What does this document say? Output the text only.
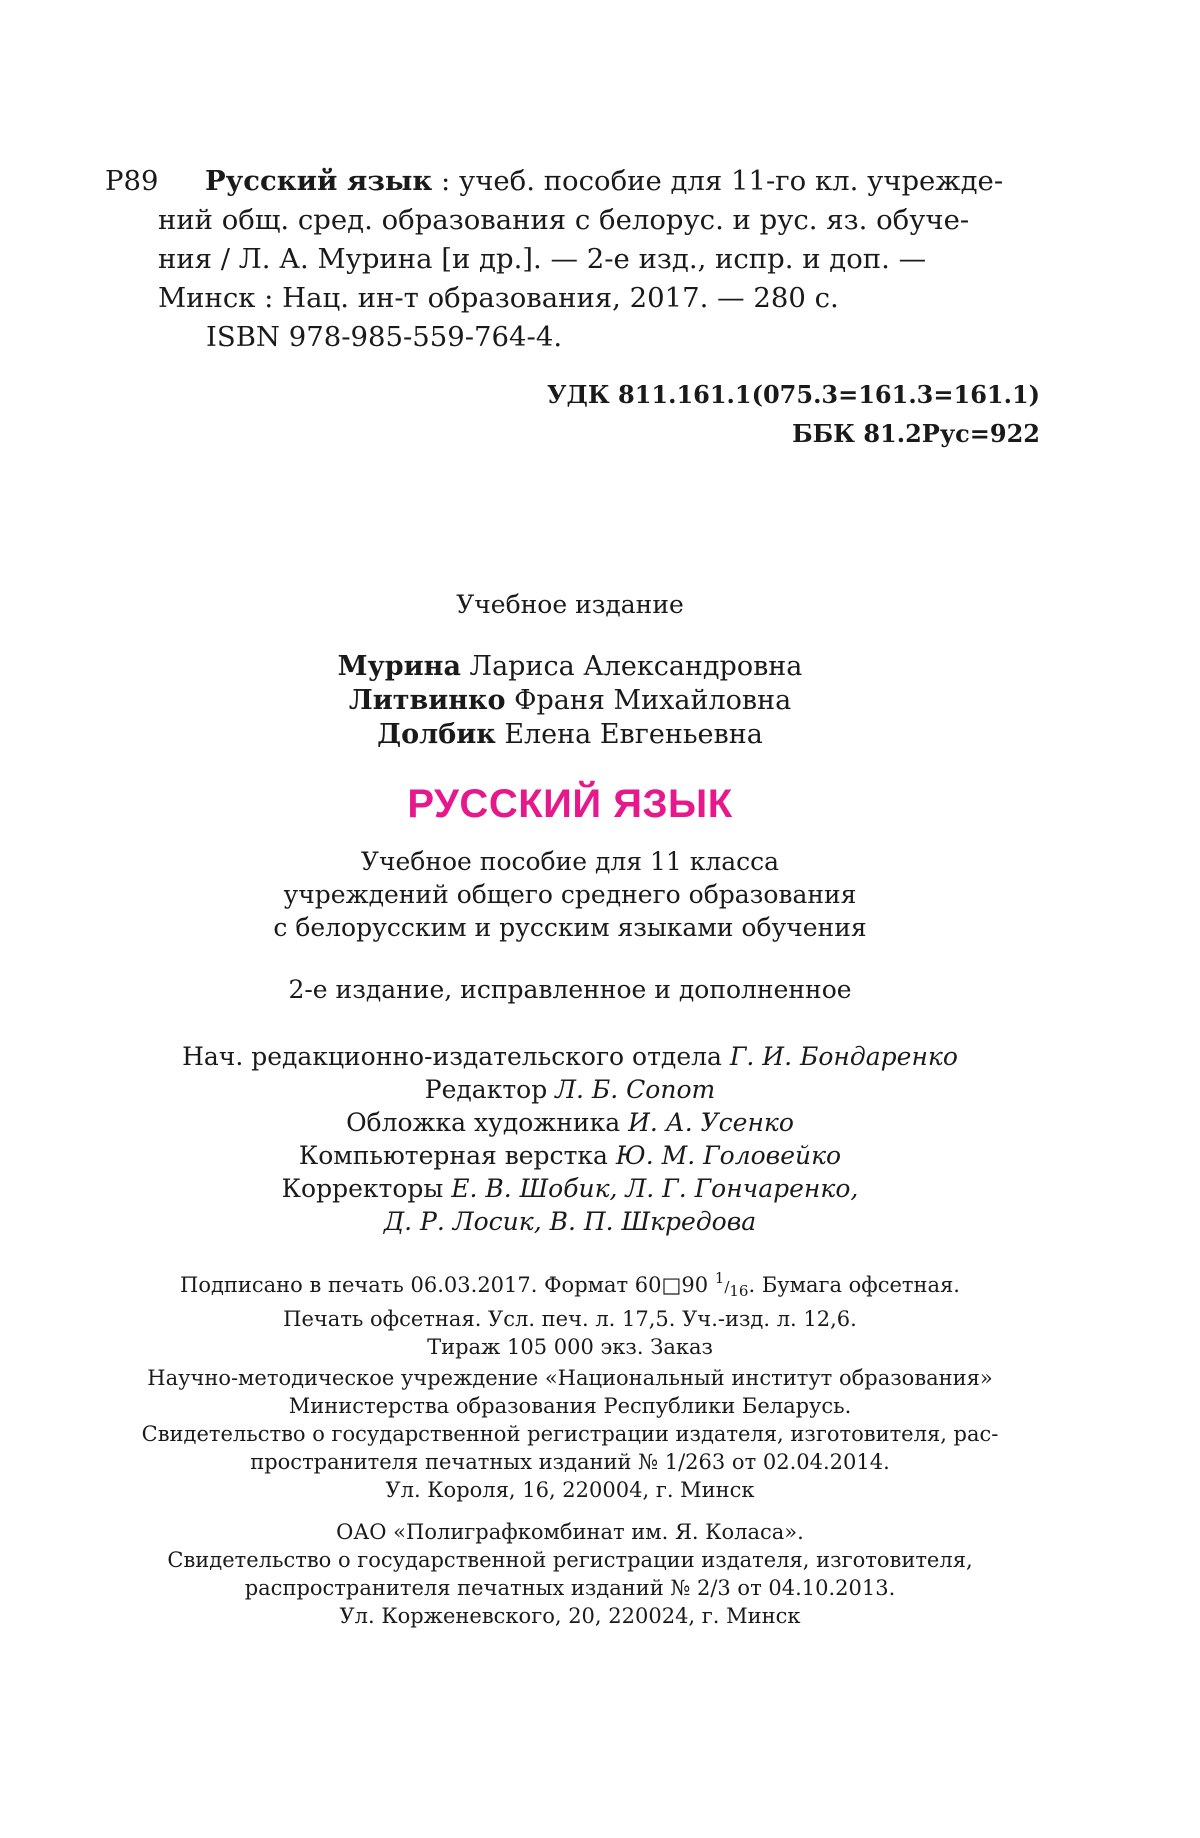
Р89	Русский язык : учеб. пособие для 11-го кл. учрежде-
ний общ. сред. образования с белорус. и рус. яз. обуче-
ния / Л. А. Мурина [и др.]. — 2-е изд., испр. и доп. —
Минск : Нац. ин-т образования, 2017. — 280 с.
ISBN 978-985-559-764-4.
УДК 811.161.1(075.3=161.3=161.1)
ББК 81.2Рус=922
Учебное издание
Мурина Лариса Александровна
Литвинко Франя Михайловна
Долбик Елена Евгеньевна
РУССКИЙ ЯЗЫК
Учебное пособие для 11 класса
учреждений общего среднего образования
с белорусским и русским языками обучения
2-е издание, исправленное и дополненное
Нач. редакционно-издательского отдела Г. И. Бондаренко
Редактор Л. Б. Сопот
Обложка художника И. А. Усенко
Компьютерная верстка Ю. М. Головейко
Корректоры Е. В. Шобик, Л. Г. Гончаренко,
Д. Р. Лосик, В. П. Шкредова
Подписано в печать 06.03.2017. Формат 60□90 $^1/_{16}$. Бумага офсетная.
Печать офсетная. Усл. печ. л. 17,5. Уч.-изд. л. 12,6.
Тираж 105 000 экз. Заказ
Научно-методическое учреждение «Национальный институт образования»
Министерства образования Республики Беларусь.
Свидетельство о государственной регистрации издателя, изготовителя, рас-
пространителя печатных изданий № 1/263 от 02.04.2014.
Ул. Короля, 16, 220004, г. Минск
ОАО «Полиграфкомбинат им. Я. Коласа».
Свидетельство о государственной регистрации издателя, изготовителя,
распространителя печатных изданий № 2/3 от 04.10.2013.
Ул. Корженевского, 20, 220024, г. Минск
